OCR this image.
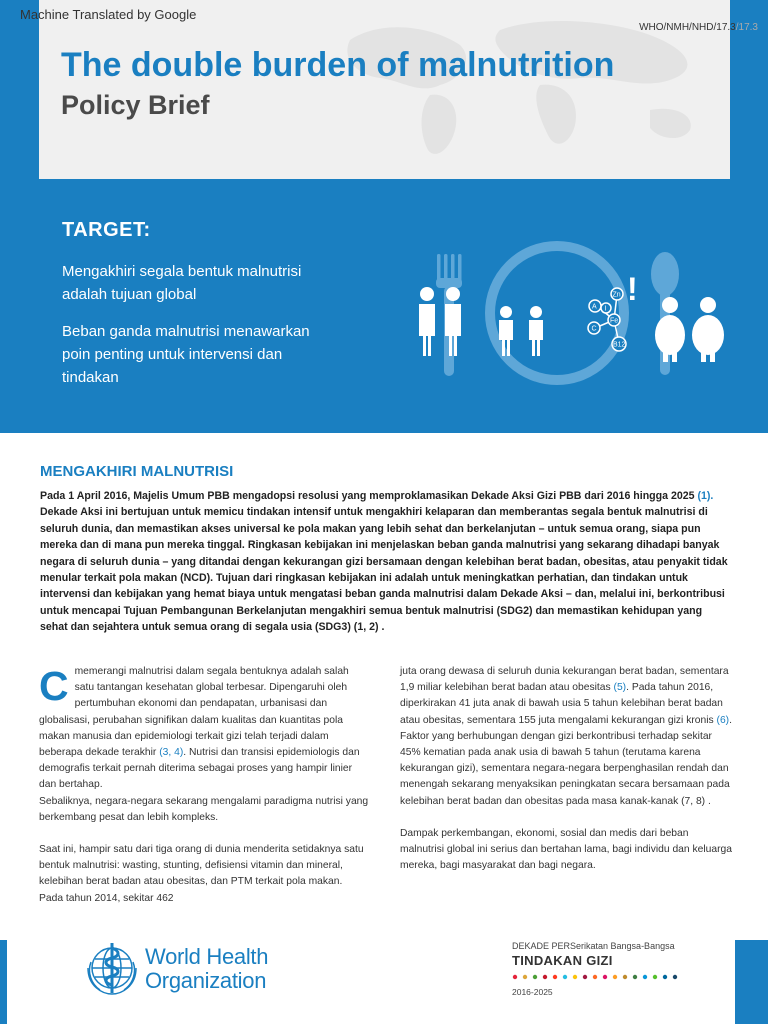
The double burden of malnutrition
Policy Brief
Machine Translated by Google
WHO/NMH/NHD/17.3/17.3
TARGET:

Mengakhiri segala bentuk malnutrisi adalah tujuan global

Beban ganda malnutrisi menawarkan poin penting untuk intervensi dan tindakan

!
A
Zn
Fe
C
I
B12
MENGAKHIRI MALNUTRISI

Pada 1 April 2016, Majelis Umum PBB mengadopsi resolusi yang memproklamasikan Dekade Aksi Gizi PBB dari 2016 hingga 2025 (1). Dekade Aksi ini bertujuan untuk memicu tindakan intensif untuk mengakhiri kelaparan dan memberantas segala bentuk malnutrisi di seluruh dunia, dan memastikan akses universal ke pola makan yang lebih sehat dan berkelanjutan – untuk semua orang, siapa pun mereka dan di mana pun mereka tinggal. Ringkasan kebijakan ini menjelaskan beban ganda malnutrisi yang sekarang dihadapi banyak negara di seluruh dunia – yang ditandai dengan kekurangan gizi bersamaan dengan kelebihan berat badan, obesitas, atau penyakit tidak menular terkait pola makan (NCD). Tujuan dari ringkasan kebijakan ini adalah untuk meningkatkan perhatian, dan tindakan untuk intervensi dan kebijakan yang hemat biaya untuk mengatasi beban ganda malnutrisi dalam Dekade Aksi – dan, melalui ini, berkontribusi untuk mencapai Tujuan Pembangunan Berkelanjutan mengakhiri semua bentuk malnutrisi (SDG2) dan memastikan kehidupan yang sehat dan sejahtera untuk semua orang di segala usia (SDG3) (1, 2) .

Cmemerangi malnutrisi dalam segala bentuknya adalah salah satu tantangan kesehatan global terbesar. Dipengaruhi oleh pertumbuhan ekonomi dan pendapatan, urbanisasi dan globalisasi, perubahan signifikan dalam kualitas dan kuantitas pola makan manusia dan epidemiologi terkait gizi telah terjadi dalam beberapa dekade terakhir (3, 4). Nutrisi dan transisi epidemiologis dan demografis terkait pernah diterima sebagai proses yang hampir linier dan bertahap.
Sebaliknya, negara-negara sekarang mengalami paradigma nutrisi yang berkembang pesat dan lebih kompleks.

Saat ini, hampir satu dari tiga orang di dunia menderita setidaknya satu bentuk malnutrisi: wasting, stunting, defisiensi vitamin dan mineral, kelebihan berat badan atau obesitas, dan PTM terkait pola makan. Pada tahun 2014, sekitar 462

juta orang dewasa di seluruh dunia kekurangan berat badan, sementara 1,9 miliar kelebihan berat badan atau obesitas (5). Pada tahun 2016, diperkirakan 41 juta anak di bawah usia 5 tahun kelebihan berat badan atau obesitas, sementara 155 juta mengalami kekurangan gizi kronis (6). Faktor yang berhubungan dengan gizi berkontribusi terhadap sekitar 45% kematian pada anak usia di bawah 5 tahun (terutama karena kekurangan gizi), sementara negara-negara berpenghasilan rendah dan menengah sekarang menyaksikan peningkatan secara bersamaan pada kelebihan berat badan dan obesitas pada masa kanak-kanak (7, 8) .

Dampak perkembangan, ekonomi, sosial dan medis dari beban malnutrisi global ini serius dan bertahan lama, bagi individu dan keluarga mereka, bagi masyarakat dan bagi negara.

World Health
Organization
DEKADE PERSerikatan Bangsa-Bangsa
TINDAKAN GIZI
2016-2025
